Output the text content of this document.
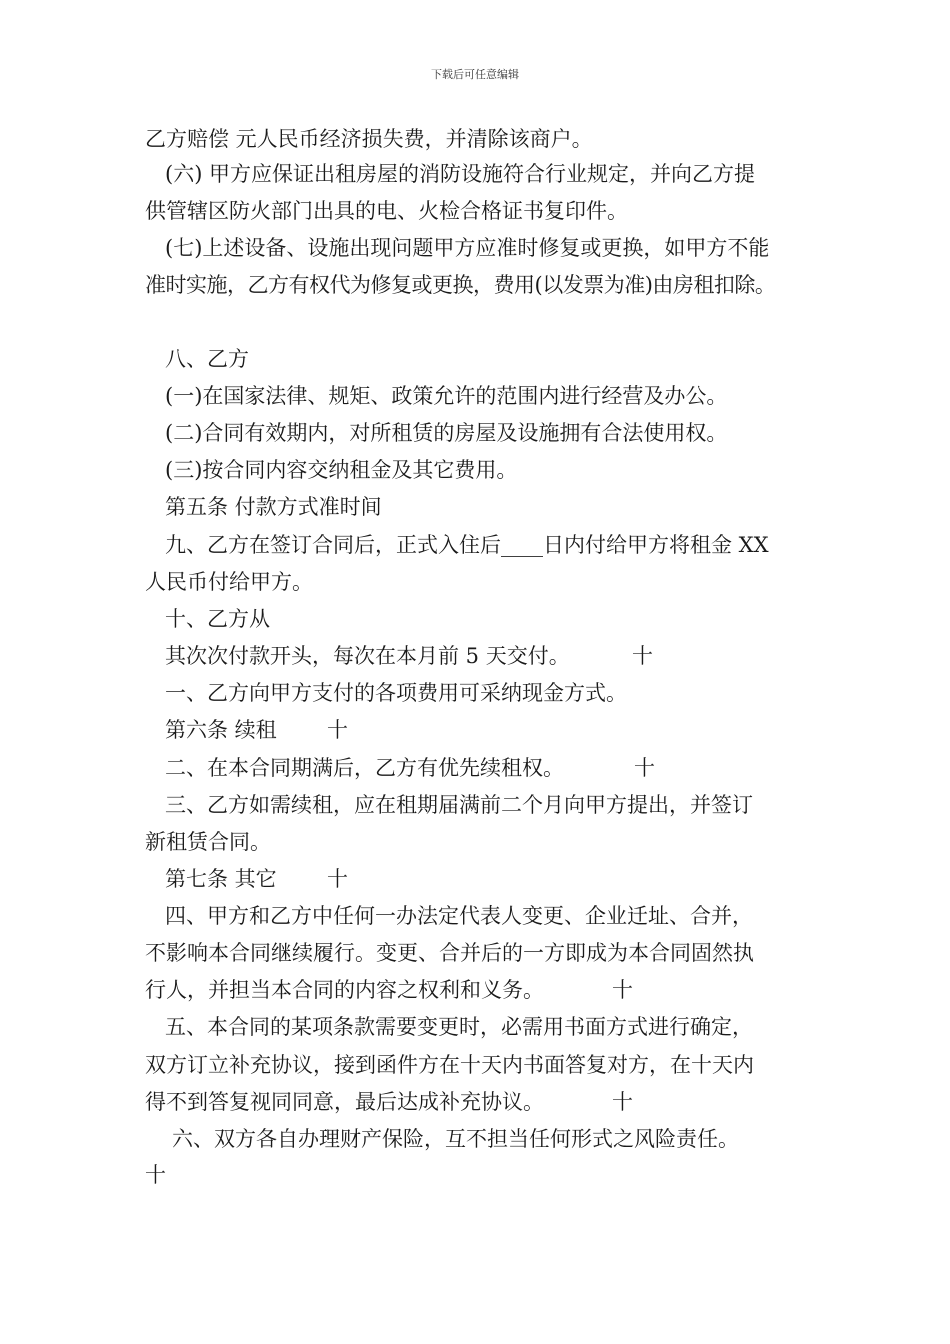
下载后可任意编辑
乙方赔偿 元人民币经济损失费，并清除该商户。
(六) 甲方应保证出租房屋的消防设施符合行业规定，并向乙方提
供管辖区防火部门出具的电、火检合格证书复印件。
(七)上述设备、设施出现问题甲方应准时修复或更换，如甲方不能
准时实施，乙方有权代为修复或更换，费用(以发票为准)由房租扣除。
八、乙方
(一)在国家法律、规矩、政策允许的范围内进行经营及办公。
(二)合同有效期内，对所租赁的房屋及设施拥有合法使用权。
(三)按合同内容交纳租金及其它费用。
第五条 付款方式准时间
九、乙方在签订合同后，正式入住后____日内付给甲方将租金 XX
人民币付给甲方。
十、乙方从
其次次付款开头，每次在本月前 5 天交付。	十
一、乙方向甲方支付的各项费用可采纳现金方式。
第六条 续租 十
二、在本合同期满后，乙方有优先续租权。	十
三、乙方如需续租，应在租期届满前二个月向甲方提出，并签订
新租赁合同。
第七条 其它 十
四、甲方和乙方中任何一办法定代表人变更、企业迁址、合并，
不影响本合同继续履行。变更、合并后的一方即成为本合同固然执
行人，并担当本合同的内容之权利和义务。	十
五、本合同的某项条款需要变更时，必需用书面方式进行确定，
双方订立补充协议，接到函件方在十天内书面答复对方，在十天内
得不到答复视同同意，最后达成补充协议。	十
六、双方各自办理财产保险，互不担当任何形式之风险责任。
十
